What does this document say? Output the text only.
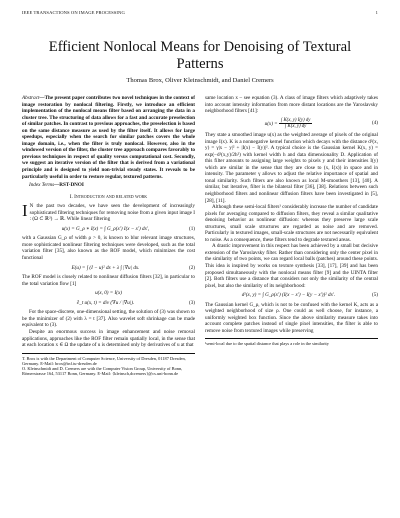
IEEE TRANSACTIONS ON IMAGE PROCESSING	1
Efficient Nonlocal Means for Denoising of Textural Patterns
Thomas Brox, Oliver Kleinschmidt, and Daniel Cremers

Abstract—The present paper contributes two novel techniques in the context of image restoration by nonlocal filtering. Firstly, we introduce an efficient implementation of the nonlocal means filter based on arranging the data in a cluster tree. The structuring of data allows for a fast and accurate preselection of similar patches. In contrast to previous approaches, the preselection is based on the same distance measure as used by the filter itself. It allows for large speedups, especially when the search for similar patches covers the whole image domain, i.e., when the filter is truly nonlocal. However, also in the windowed version of the filter, the cluster tree approach compares favorably to previous techniques in respect of quality versus computational cost. Secondly, we suggest an iterative version of the filter that is derived from a variational principle and is designed to yield non-trivial steady states. It reveals to be particularly useful in order to restore regular, textured patterns.

Index Terms—RST-DNOI

I. Introduction and related work

I N the past two decades, we have seen the development of increasingly sophisticated filtering techniques for removing noise from a given input image I : (Ω ⊂ ℝ²) → ℝ. While linear filtering

u(x) = G_ρ ∗ I(x) = ∫ G_ρ(x′) I(x − x′) dx′,	(1)

with a Gaussian G_ρ of width ρ > 0, is known to blur relevant image structures, more sophisticated nonlinear filtering techniques were developed, such as the total variation filter [35], also known as the ROF model, which minimizes the cost functional

E(u) = ∫ (I − u)² dx + λ ∫ |∇u| dx.	(2)

The ROF model is closely related to nonlinear diffusion filters [32], in particular to the total variation flow [1]

u(x, 0) = I(x)
∂_t u(x, t) = div (∇u / |∇u|).	(3)

For the space-discrete, one-dimensional setting, the solution of (3) was shown to be the minimizer of (2) with λ = t [37]. Also wavelet soft shrinkage can be made equivalent to (3).

Despite an enormous success in image enhancement and noise removal applications, approaches like the ROF filter remain spatially local, in the sense that at each location x ∈ Ω the update of u is determined only by derivatives of u at that

T. Brox is with the Department of Computer Science, University of Dresden, 01187 Dresden, Germany. E-Mail: brox@inf.tu-dresden.de
O. Kleinschmidt and D. Cremers are with the Computer Vision Group, University of Bonn, Römerstrasse 164, 53117 Bonn, Germany. E-Mail: {kleinsch,dcremers}@cs.uni-bonn.de

same location x – see equation (3). A class of image filters which adaptively takes into account intensity information from more distant locations are the Yaroslavsky neighborhood filters [41]:

$u(x) = \frac{\int K(x, y) I(y) dy}{\int K(x, y) dy}$	(4)

They state a smoothed image u(x) as the weighted average of pixels of the original image I(x). K is a nonnegative kernel function which decays with the distance d²(x, y) = γ|x − y|² + |I(x) − I(y)|². A typical choice is the Gaussian kernel K(x, y) = exp(−d²(x,y)/2h²) with kernel width h and data dimensionality D. Application of this filter amounts to assigning large weights to pixels y and their intensities I(y) which are similar in the sense that they are close to (x, I(x)) in space and in intensity. The parameter γ allows to adjust the relative importance of spatial and tonal similarity. Such filters are also known as local M-smoothers [13], [40]. A similar, but iterative, filter is the bilateral filter [36], [38]. Relations between such neighborhood filters and nonlinear diffusion filters have been investigated in [5], [28], [11].

Although these semi-local filters¹ considerably increase the number of candidate pixels for averaging compared to diffusion filters, they reveal a similar qualitative denoising behavior as nonlinear diffusion: whereas they preserve large scale structures, small scale structures are regarded as noise and are removed. Particularly in textured images, small-scale structures are not necessarily equivalent to noise. As a consequence, these filters tend to degrade textured areas.

A drastic improvement in this respect has been achieved by a small but decisive extension of the Yaroslavsky filter. Rather than considering only the center pixel in the similarity of two points, we can regard local balls (patches) around these points. This idea is inspired by works on texture synthesis [33], [17], [39] and has been proposed simultaneously with the nonlocal means filter [9] and the UINTA filter [2]. Both filters use a distance that considers not only the similarity of the central pixel, but also the similarity of its neighborhood:

d²(x, y) = ∫ G_ρ(x′) (I(x − x′) − I(y − x′))² dx′.	(5)

The Gaussian kernel G_ρ, which is not to be confused with the kernel K, acts as a weighted neighborhood of size ρ. One could as well choose, for instance, a uniformly weighted box function. Since the above similarity measure takes into account complete patches instead of single pixel intensities, the filter is able to remove noise from textured images while preserving

¹semi-local due to the spatial distance that plays a role in the similarity
